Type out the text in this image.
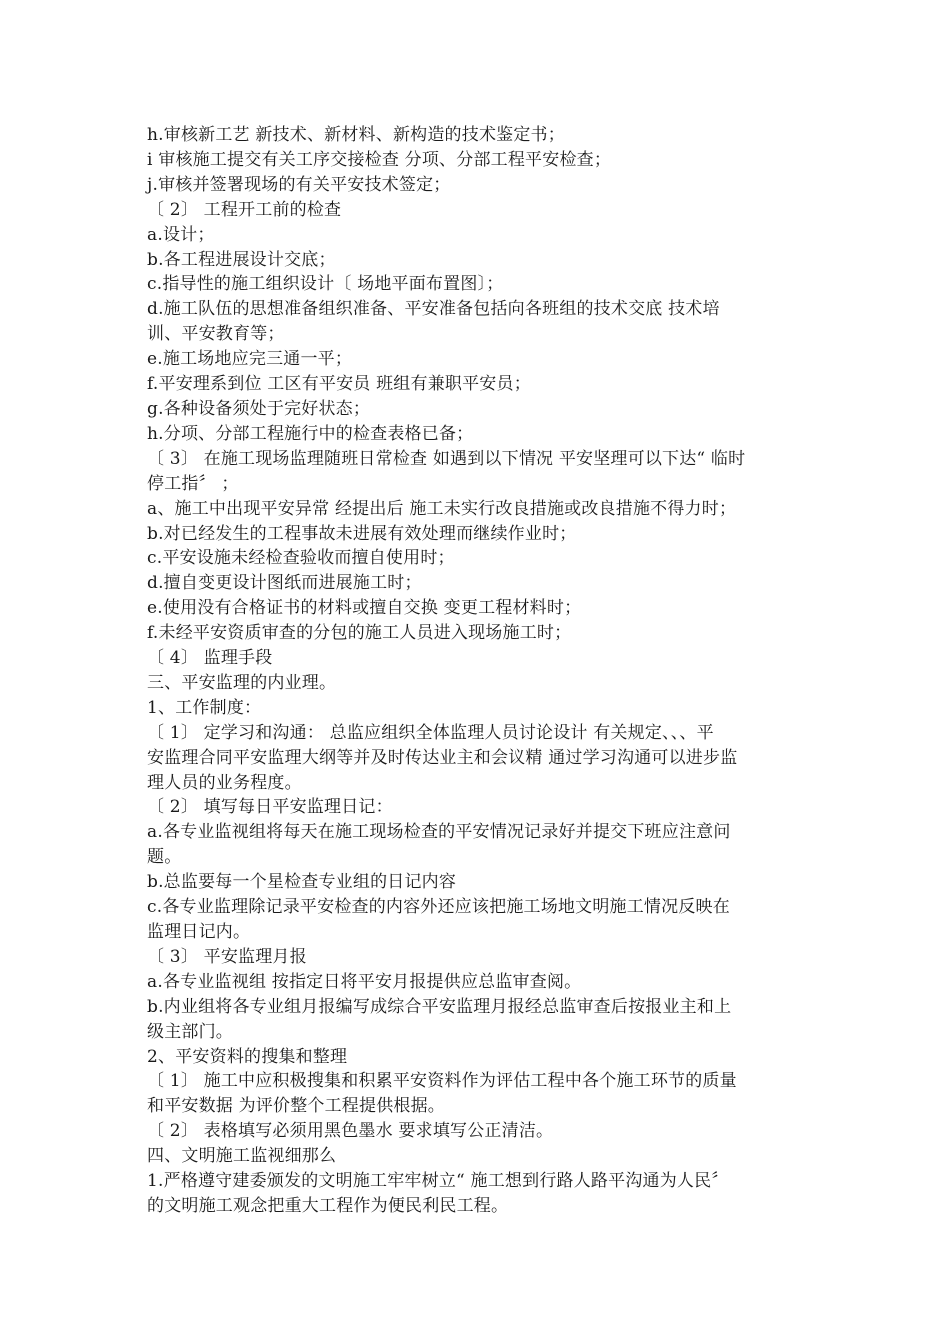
h.审核新工艺 新技术、新材料、新构造的技术鉴定书；
i 审核施工提交有关工序交接检查 分项、分部工程平安检查；
j.审核并签署现场的有关平安技术签定；
〔 2〕 工程开工前的检查
a.设计；
b.各工程进展设计交底；
c.指导性的施工组织设计〔 场地平面布置图〕；
d.施工队伍的思想准备组织准备、平安准备包括向各班组的技术交底 技术培
训、平安教育等；
e.施工场地应完三通一平；
f.平安理系到位 工区有平安员 班组有兼职平安员；
g.各种设备须处于完好状态；
h.分项、分部工程施行中的检查表格已备；
〔 3〕 在施工现场监理随班日常检查 如遇到以下情况 平安坚理可以下达“ 临时
停工指〞 ；
a、施工中出现平安异常 经提出后 施工未实行改良措施或改良措施不得力时；
b.对已经发生的工程事故未进展有效处理而继续作业时；
c.平安设施未经检查验收而擅自使用时；
d.擅自变更设计图纸而进展施工时；
e.使用没有合格证书的材料或擅自交换 变更工程材料时；
f.未经平安资质审查的分包的施工人员进入现场施工时；
〔 4〕 监理手段
三、平安监理的内业理。
1、工作制度：
〔 1〕 定学习和沟通： 总监应组织全体监理人员讨论设计 有关规定、、、平
安监理合同平安监理大纲等并及时传达业主和会议精 通过学习沟通可以进步监
理人员的业务程度。
〔 2〕 填写每日平安监理日记：
a.各专业监视组将每天在施工现场检查的平安情况记录好并提交下班应注意问
题。
b.总监要每一个星检查专业组的日记内容
c.各专业监理除记录平安检查的内容外还应该把施工场地文明施工情况反映在
监理日记内。
〔 3〕 平安监理月报
a.各专业监视组 按指定日将平安月报提供应总监审查阅。
b.内业组将各专业组月报编写成综合平安监理月报经总监审查后按报业主和上
级主部门。
2、平安资料的搜集和整理
〔 1〕 施工中应积极搜集和积累平安资料作为评估工程中各个施工环节的质量
和平安数据 为评价整个工程提供根据。
〔 2〕 表格填写必须用黑色墨水 要求填写公正清洁。
四、文明施工监视细那么
1.严格遵守建委颁发的文明施工牢牢树立“ 施工想到行路人路平沟通为人民〞
的文明施工观念把重大工程作为便民利民工程。
